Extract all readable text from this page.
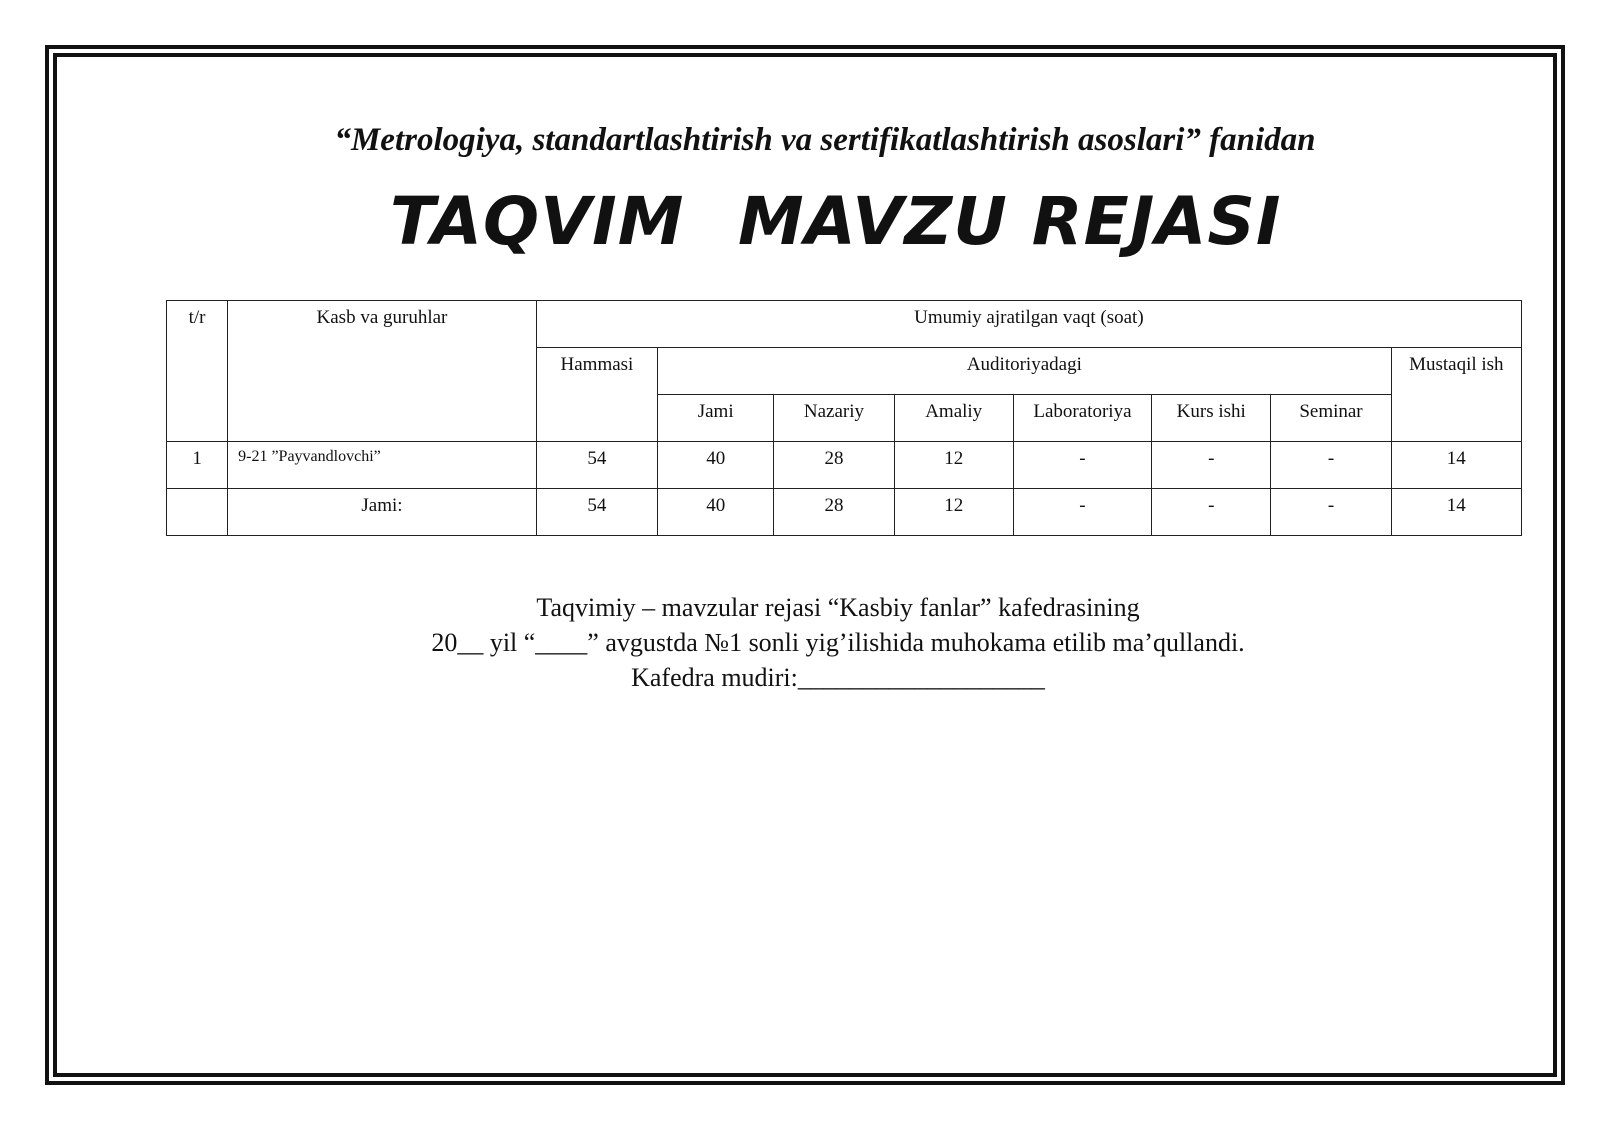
“Metrologiya, standartlashtirish va sertifikatlashtirish asoslari” fanidan
TAQVIM MAVZU REJASI
t/r	Kasb va guruhlar	Umumiy ajratilgan vaqt (soat)							
		Hammasi	Auditoriyadagi						Mustaqil ish
			Jami	Nazariy	Amaliy	Laboratoriya	Kurs ishi	Seminar	
1	9-21 ”Payvandlovchi”	54	40	28	12	-	-	-	14
	Jami:	54	40	28	12	-	-	-	14
Taqvimiy – mavzular rejasi “Kasbiy fanlar” kafedrasining
20__ yil “____” avgustda №1 sonli yig’ilishida muhokama etilib ma’qullandi.
Kafedra mudiri:___________________
